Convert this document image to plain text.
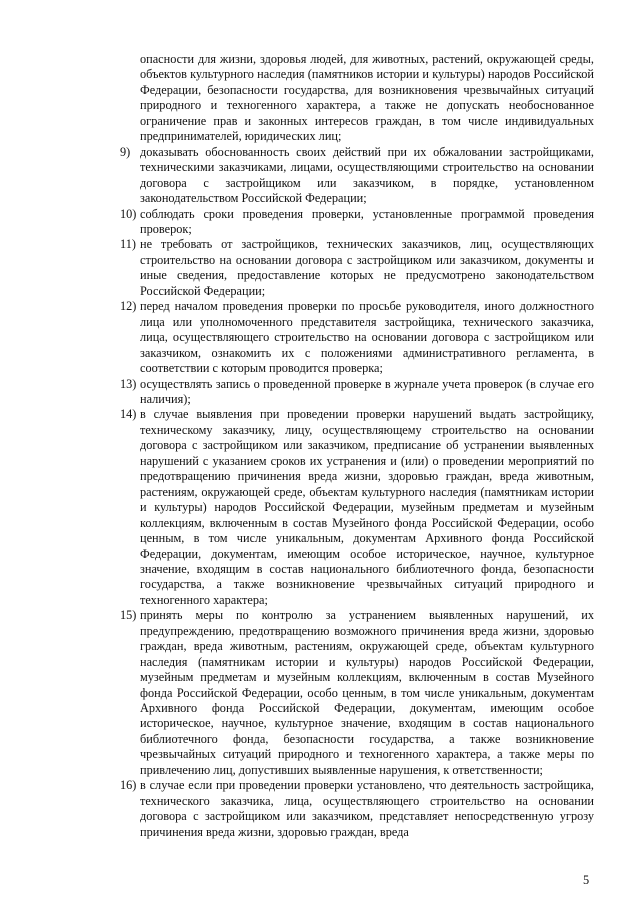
опасности для жизни, здоровья людей, для животных, растений, окружающей среды, объектов культурного наследия (памятников истории и культуры) народов Российской Федерации, безопасности государства, для возникновения чрезвычайных ситуаций природного и техногенного характера, а также не допускать необоснованное ограничение прав и законных интересов граждан, в том числе индивидуальных предпринимателей, юридических лиц;

9) доказывать обоснованность своих действий при их обжаловании застройщиками, техническими заказчиками, лицами, осуществляющими строительство на основании договора с застройщиком или заказчиком, в порядке, установленном законодательством Российской Федерации;
10) соблюдать сроки проведения проверки, установленные программой проведения проверок;
11) не требовать от застройщиков, технических заказчиков, лиц, осуществляющих строительство на основании договора с застройщиком или заказчиком, документы и иные сведения, предоставление которых не предусмотрено законодательством Российской Федерации;
12) перед началом проведения проверки по просьбе руководителя, иного должностного лица или уполномоченного представителя застройщика, технического заказчика, лица, осуществляющего строительство на основании договора с застройщиком или заказчиком, ознакомить их с положениями административного регламента, в соответствии с которым проводится проверка;
13) осуществлять запись о проведенной проверке в журнале учета проверок (в случае его наличия);
14) в случае выявления при проведении проверки нарушений выдать застройщику, техническому заказчику, лицу, осуществляющему строительство на основании договора с застройщиком или заказчиком, предписание об устранении выявленных нарушений с указанием сроков их устранения и (или) о проведении мероприятий по предотвращению причинения вреда жизни, здоровью граждан, вреда животным, растениям, окружающей среде, объектам культурного наследия (памятникам истории и культуры) народов Российской Федерации, музейным предметам и музейным коллекциям, включенным в состав Музейного фонда Российской Федерации, особо ценным, в том числе уникальным, документам Архивного фонда Российской Федерации, документам, имеющим особое историческое, научное, культурное значение, входящим в состав национального библиотечного фонда, безопасности государства, а также возникновение чрезвычайных ситуаций природного и техногенного характера;
15) принять меры по контролю за устранением выявленных нарушений, их предупреждению, предотвращению возможного причинения вреда жизни, здоровью граждан, вреда животным, растениям, окружающей среде, объектам культурного наследия (памятникам истории и культуры) народов Российской Федерации, музейным предметам и музейным коллекциям, включенным в состав Музейного фонда Российской Федерации, особо ценным, в том числе уникальным, документам Архивного фонда Российской Федерации, документам, имеющим особое историческое, научное, культурное значение, входящим в состав национального библиотечного фонда, безопасности государства, а также возникновение чрезвычайных ситуаций природного и техногенного характера, а также меры по привлечению лиц, допустивших выявленные нарушения, к ответственности;
16) в случае если при проведении проверки установлено, что деятельность застройщика, технического заказчика, лица, осуществляющего строительство на основании договора с застройщиком или заказчиком, представляет непосредственную угрозу причинения вреда жизни, здоровью граждан, вреда
5
